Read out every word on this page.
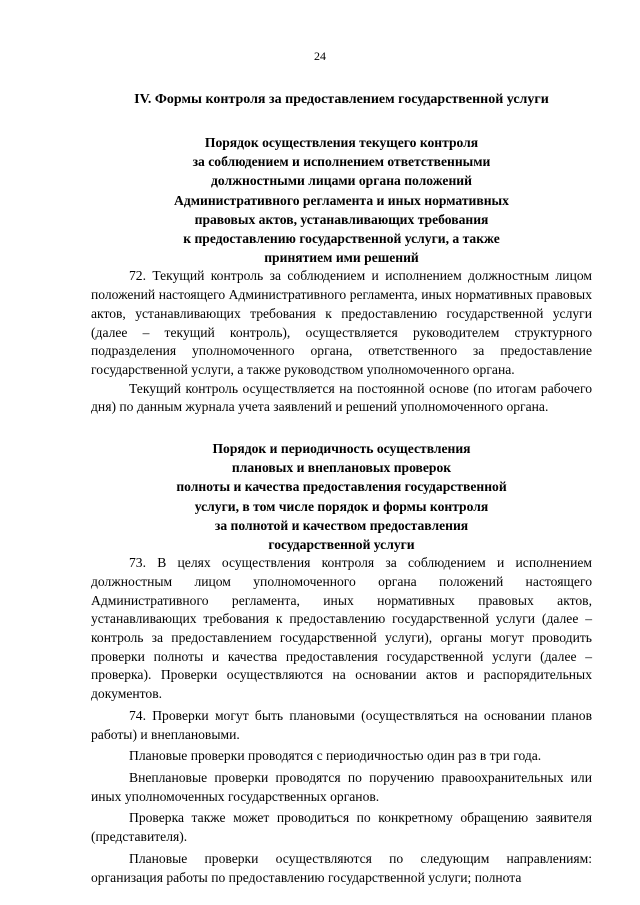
24
IV. Формы контроля за предоставлением государственной услуги
Порядок осуществления текущего контроля
за соблюдением и исполнением ответственными
должностными лицами органа положений
Административного регламента и иных нормативных
правовых актов, устанавливающих требования
к предоставлению государственной услуги, а также
принятием ими решений

72. Текущий контроль за соблюдением и исполнением должностным лицом положений настоящего Административного регламента, иных нормативных правовых актов, устанавливающих требования к предоставлению государственной услуги (далее – текущий контроль), осуществляется руководителем структурного подразделения уполномоченного органа, ответственного за предоставление государственной услуги, а также руководством уполномоченного органа.

Текущий контроль осуществляется на постоянной основе (по итогам рабочего дня) по данным журнала учета заявлений и решений уполномоченного органа.

Порядок и периодичность осуществления
плановых и внеплановых проверок
полноты и качества предоставления государственной
услуги, в том числе порядок и формы контроля
за полнотой и качеством предоставления
государственной услуги

73. В целях осуществления контроля за соблюдением и исполнением должностным лицом уполномоченного органа положений настоящего Административного регламента, иных нормативных правовых актов, устанавливающих требования к предоставлению государственной услуги (далее – контроль за предоставлением государственной услуги), органы могут проводить проверки полноты и качества предоставления государственной услуги (далее – проверка). Проверки осуществляются на основании актов и распорядительных документов.

74. Проверки могут быть плановыми (осуществляться на основании планов работы) и внеплановыми.

Плановые проверки проводятся с периодичностью один раз в три года.

Внеплановые проверки проводятся по поручению правоохранительных или иных уполномоченных государственных органов.

Проверка также может проводиться по конкретному обращению заявителя (представителя).

Плановые проверки осуществляются по следующим направлениям: организация работы по предоставлению государственной услуги; полнота
